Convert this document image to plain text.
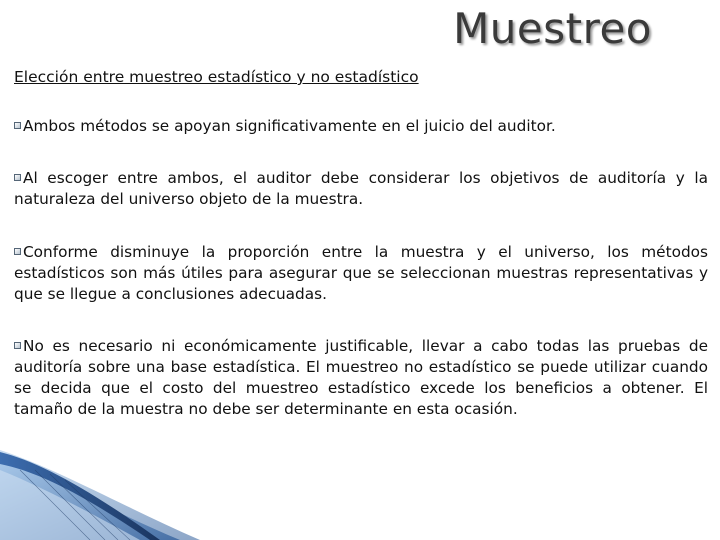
Muestreo

Elección entre muestreo estadístico y no estadístico

Ambos métodos se apoyan significativamente en el juicio del auditor.

Al escoger entre ambos, el auditor debe considerar los objetivos de auditoría y la naturaleza del universo objeto de la muestra.

Conforme disminuye la proporción entre la muestra y el universo, los métodos estadísticos son más útiles para asegurar que se seleccionan muestras representativas y que se llegue a conclusiones adecuadas.

No es necesario ni económicamente justificable, llevar a cabo todas las pruebas de auditoría sobre una base estadística. El muestreo no estadístico se puede utilizar cuando se decida que el costo del muestreo estadístico excede los beneficios a obtener. El tamaño de la muestra no debe ser determinante en esta ocasión.
